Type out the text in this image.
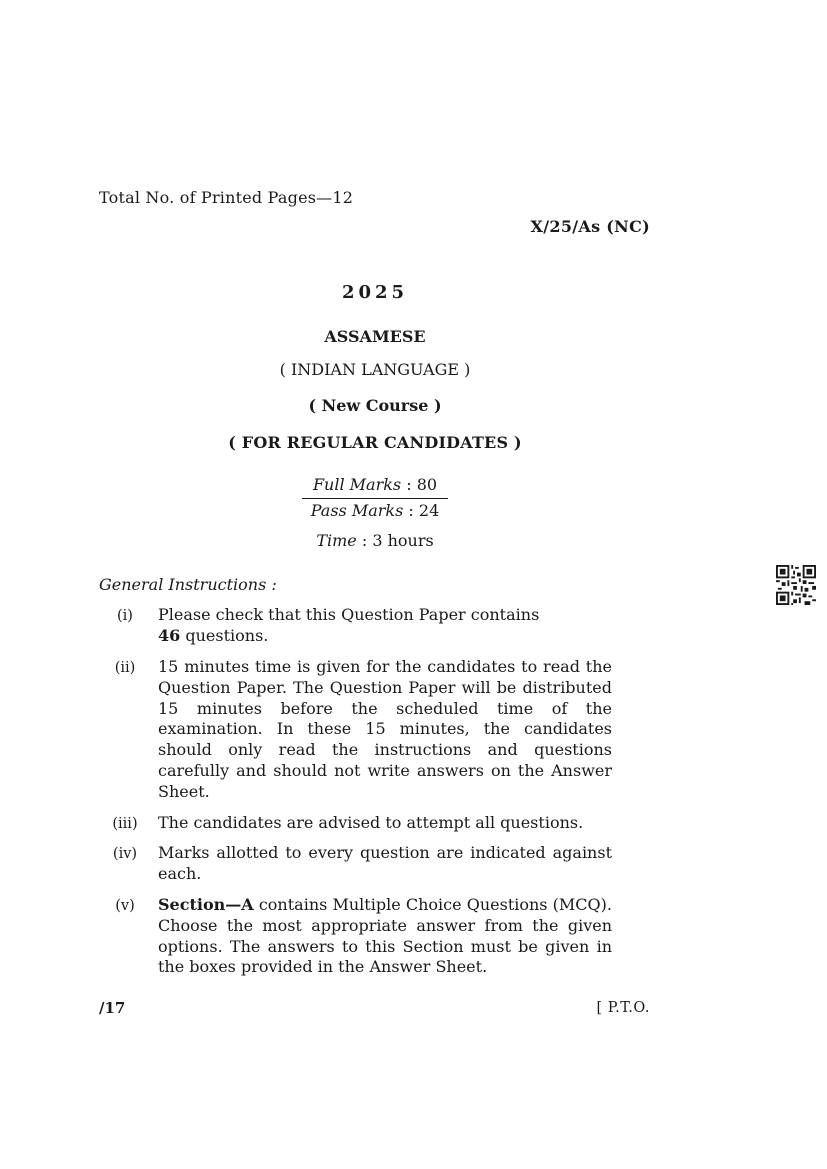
Total No. of Printed Pages—12
X/25/As (NC)
2025
ASSAMESE
( INDIAN LANGUAGE )
( New Course )
( FOR REGULAR CANDIDATES )
Full Marks : 80
Pass Marks : 24
Time : 3 hours
General Instructions :
(i)	Please check that this Question Paper contains
46 questions.
(ii)	15 minutes time is given for the candidates to read the Question Paper. The Question Paper will be distributed 15 minutes before the scheduled time of the examination. In these 15 minutes, the candidates should only read the instructions and questions carefully and should not write answers on the Answer Sheet.
(iii)	The candidates are advised to attempt all questions.
(iv)	Marks allotted to every question are indicated against each.
(v)	Section—A contains Multiple Choice Questions (MCQ). Choose the most appropriate answer from the given options. The answers to this Section must be given in the boxes provided in the Answer Sheet.
/17	[ P.T.O.
